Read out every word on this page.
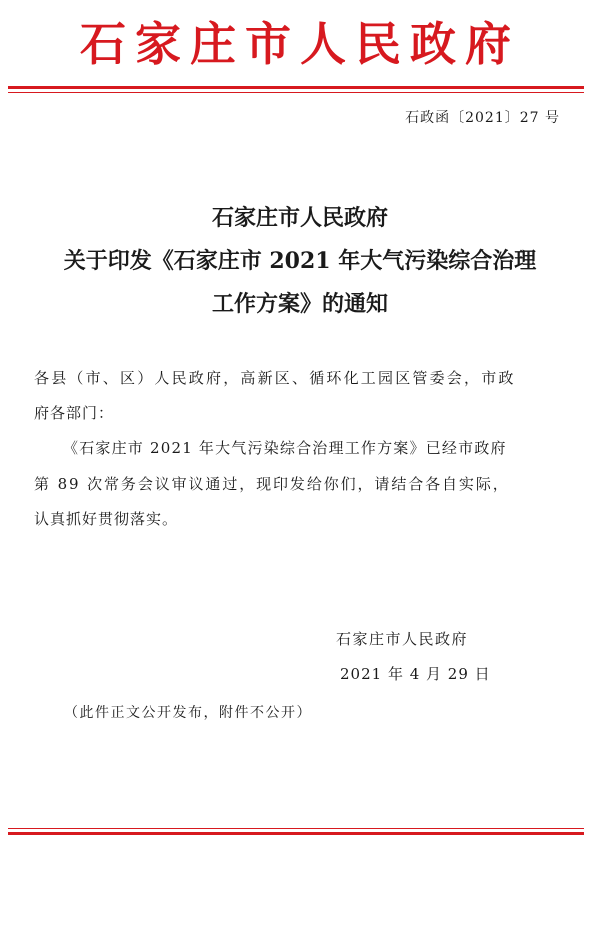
石家庄市人民政府
石政函〔2021〕27 号
石家庄市人民政府
关于印发《石家庄市 2021 年大气污染综合治理
工作方案》的通知
各县（市、区）人民政府，高新区、循环化工园区管委会，市政
府各部门：
《石家庄市 2021 年大气污染综合治理工作方案》已经市政府
第 89 次常务会议审议通过，现印发给你们，请结合各自实际，
认真抓好贯彻落实。
石家庄市人民政府
2021 年 4 月 29 日
（此件正文公开发布，附件不公开）
